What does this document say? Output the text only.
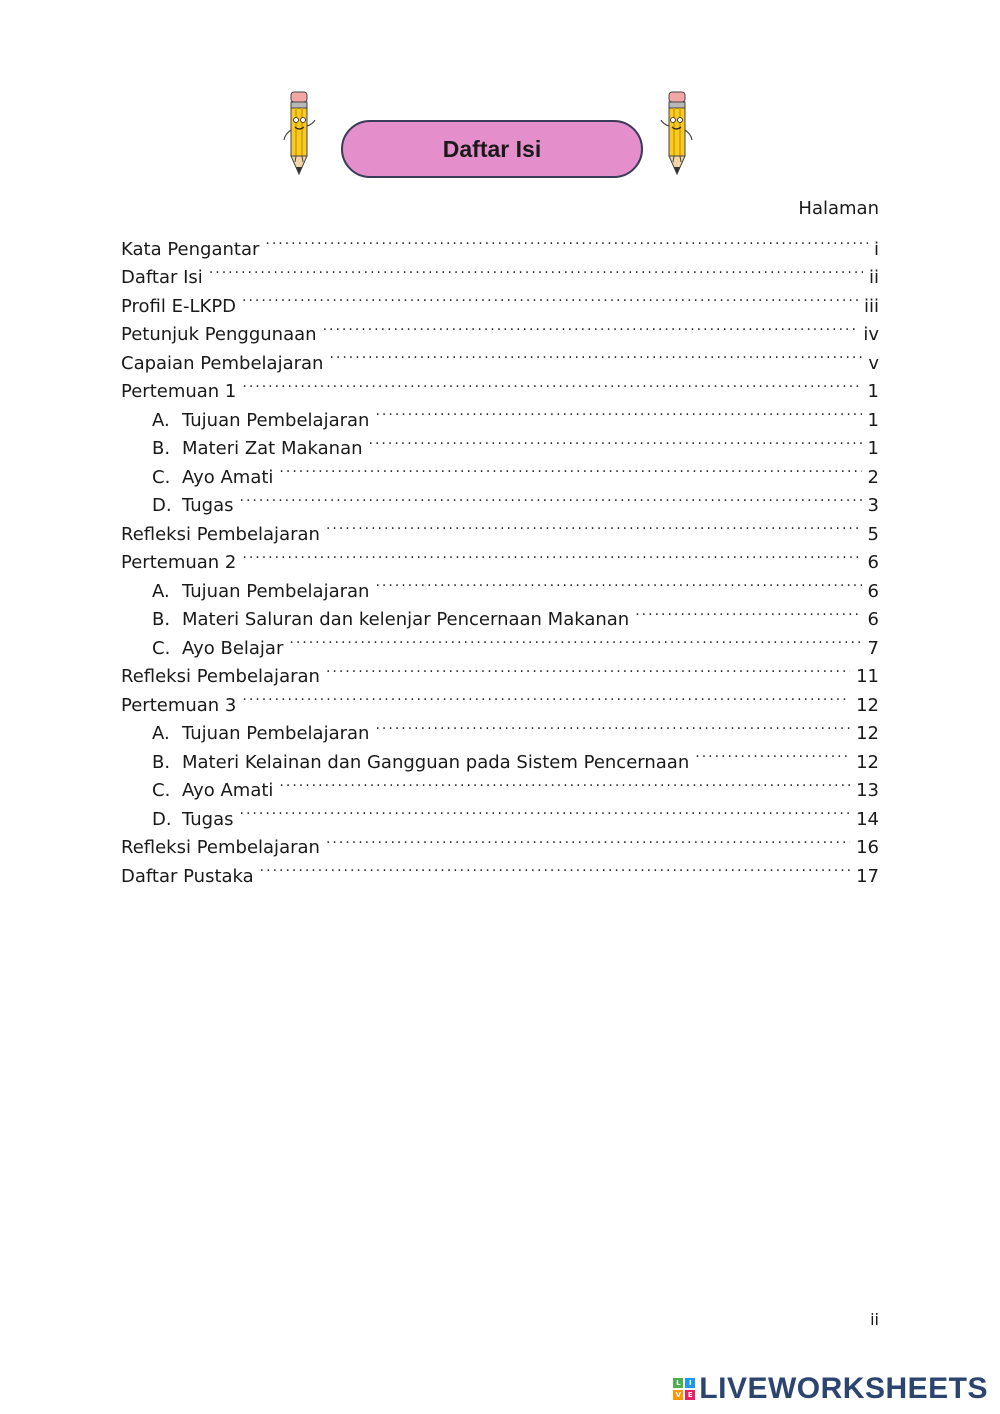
Daftar Isi
Halaman
Kata Pengantar .....	i
Daftar Isi .....	ii
Profil E-LKPD .....	iii
Petunjuk Penggunaan .....	iv
Capaian Pembelajaran .....	v
Pertemuan 1 .....	1
A. Tujuan Pembelajaran .....	1
B. Materi Zat Makanan .....	1
C. Ayo Amati .....	2
D. Tugas .....	3
Refleksi Pembelajaran .....	5
Pertemuan 2 .....	6
A. Tujuan Pembelajaran .....	6
B. Materi Saluran dan kelenjar Pencernaan Makanan .....	6
C. Ayo Belajar .....	7
Refleksi Pembelajaran .....	11
Pertemuan 3 .....	12
A. Tujuan Pembelajaran .....	12
B. Materi Kelainan dan Gangguan pada Sistem Pencernaan .....	12
C. Ayo Amati .....	13
D. Tugas .....	14
Refleksi Pembelajaran .....	16
Daftar Pustaka .....	17
ii
L	I
V E LIVEWORKSHEETS
